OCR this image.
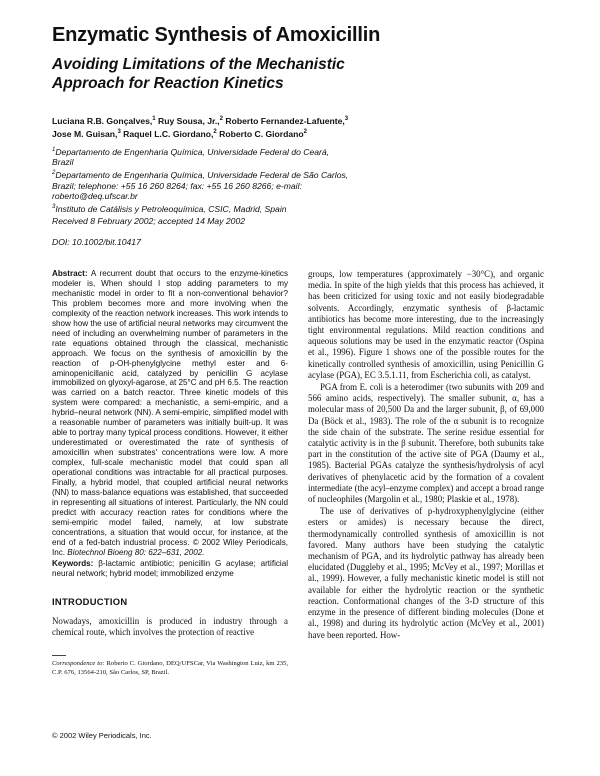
Enzymatic Synthesis of Amoxicillin
Avoiding Limitations of the Mechanistic Approach for Reaction Kinetics
Luciana R.B. Gonçalves,$^1$ Ruy Sousa, Jr.,$^2$ Roberto Fernandez-Lafuente,$^3$
Jose M. Guisan,$^3$ Raquel L.C. Giordano,$^2$ Roberto C. Giordano$^2$
$^1$Departamento de Engenharia Química, Universidade Federal do Ceará, Brazil
$^2$Departamento de Engenharia Química, Universidade Federal de São Carlos, Brazil; telephone: +55 16 260 8264; fax: +55 16 260 8266; e-mail: roberto@deq.ufscar.br
$^3$Instituto de Catálisis y Petroleoquímica, CSIC, Madrid, Spain
Received 8 February 2002; accepted 14 May 2002
DOI: 10.1002/bit.10417
Abstract: A recurrent doubt that occurs to the enzyme-kinetics modeler is, When should I stop adding parameters to my mechanistic model in order to fit a non-conventional behavior? This problem becomes more and more involving when the complexity of the reaction network increases. This work intends to show how the use of artificial neural networks may circumvent the need of including an overwhelming number of parameters in the rate equations obtained through the classical, mechanistic approach. We focus on the synthesis of amoxicillin by the reaction of p-OH-phenylglycine methyl ester and 6-aminopenicillanic acid, catalyzed by penicillin G acylase immobilized on glyoxyl-agarose, at 25°C and pH 6.5. The reaction was carried on a batch reactor. Three kinetic models of this system were compared: a mechanistic, a semi-empiric, and a hybrid–neural network (NN). A semi-empiric, simplified model with a reasonable number of parameters was initially built-up. It was able to portray many typical process conditions. However, it either underestimated or overestimated the rate of synthesis of amoxicillin when substrates' concentrations were low. A more complex, full-scale mechanistic model that could span all operational conditions was intractable for all practical purposes. Finally, a hybrid model, that coupled artificial neural networks (NN) to mass-balance equations was established, that succeeded in representing all situations of interest. Particularly, the NN could predict with accuracy reaction rates for conditions where the semi-empiric model failed, namely, at low substrate concentrations, a situation that would occur, for instance, at the end of a fed-batch industrial process. © 2002 Wiley Periodicals, Inc. Biotechnol Bioeng 80: 622–631, 2002.
Keywords: β-lactamic antibiotic; penicillin G acylase; artificial neural network; hybrid model; immobilized enzyme
INTRODUCTION
Nowadays, amoxicillin is produced in industry through a chemical route, which involves the protection of reactive
Correspondence to: Roberto C. Giordano, DEQ/UFSCar, Via Washington Luiz, km 235, C.P. 676, 13564-210, São Carlos, SP, Brazil.
© 2002 Wiley Periodicals, Inc.

groups, low temperatures (approximately −30°C), and organic media. In spite of the high yields that this process has achieved, it has been criticized for using toxic and not easily biodegradable solvents. Accordingly, enzymatic synthesis of β-lactamic antibiotics has become more interesting, due to the increasingly tight environmental regulations. Mild reaction conditions and aqueous solutions may be used in the enzymatic reactor (Ospina et al., 1996). Figure 1 shows one of the possible routes for the kinetically controlled synthesis of amoxicillin, using Penicillin G acylase (PGA), EC 3.5.1.11, from Escherichia coli, as catalyst.

PGA from E. coli is a heterodimer (two subunits with 209 and 566 amino acids, respectively). The smaller subunit, α, has a molecular mass of 20,500 Da and the larger subunit, β, of 69,000 Da (Böck et al., 1983). The role of the α subunit is to recognize the side chain of the substrate. The serine residue essential for catalytic activity is in the β subunit. Therefore, both subunits take part in the constitution of the active site of PGA (Daumy et al., 1985). Bacterial PGAs catalyze the synthesis/hydrolysis of acyl derivatives of phenylacetic acid by the formation of a covalent intermediate (the acyl–enzyme complex) and accept a broad range of nucleophiles (Margolin et al., 1980; Plaskie et al., 1978).

The use of derivatives of p-hydroxyphenylglycine (either esters or amides) is necessary because the direct, thermodynamically controlled synthesis of amoxicillin is not favored. Many authors have been studying the catalytic mechanism of PGA, and its hydrolytic pathway has already been elucidated (Duggleby et al., 1995; McVey et al., 1997; Morillas et al., 1999). However, a fully mechanistic kinetic model is still not available for either the hydrolytic reaction or the synthetic reaction. Conformational changes of the 3-D structure of this enzyme in the presence of different binding molecules (Done et al., 1998) and during its hydrolytic action (McVey et al., 2001) have been reported. How-
